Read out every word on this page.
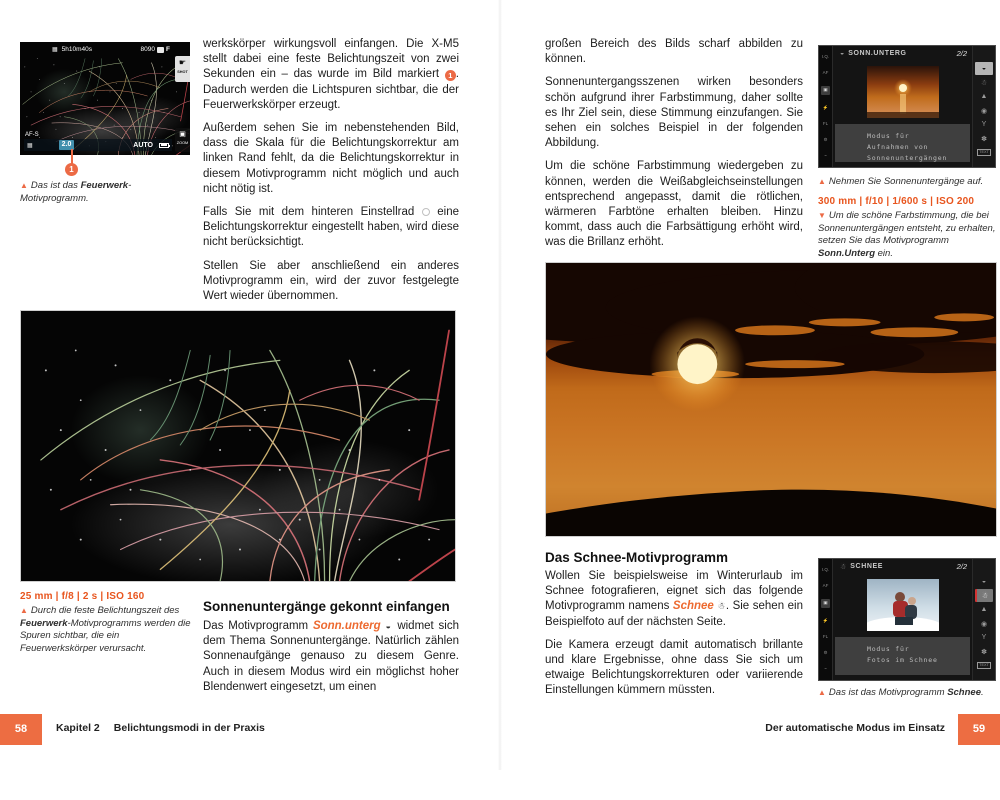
▦ 5h10m40s	8090 F
☛
SHOT
▣
ZOOM
AF-S
▦	2.0	AUTO
1
▲ Das ist das Feuerwerk-Motivprogramm.

werkskörper wirkungsvoll einfangen. Die X-M5 stellt dabei eine feste Belichtungszeit von zwei Sekunden ein – das wurde im Bild markiert 1 . Dadurch werden die Lichtspuren sichtbar, die der Feuerwerkskörper erzeugt.

Außerdem sehen Sie im nebenstehenden Bild, dass die Skala für die Belichtungskorrektur am linken Rand fehlt, da die Belichtungskorrektur in diesem Motivprogramm nicht möglich und auch nicht nötig ist.

Falls Sie mit dem hinteren Einstellrad  eine Belichtungskorrektur eingestellt haben, wird diese nicht berücksichtigt.

Stellen Sie aber anschließend ein anderes Motivprogramm ein, wird der zuvor festgelegte Wert wieder übernommen.

25 mm | f/8 | 2 s | ISO 160
▲ Durch die feste Belichtungszeit des Feuerwerk-Motivprogramms werden die Spuren sichtbar, die ein Feuerwerkskörper verursacht.
Sonnenuntergänge gekonnt einfangen

Das Motivprogramm Sonn.unterg ◒ widmet sich dem Thema Sonnenuntergänge. Natürlich zählen Sonnenaufgänge genauso zu diesem Genre. Auch in diesem Modus wird ein möglichst hoher Blendenwert eingesetzt, um einen

58	Kapitel 2 Belichtungsmodi in der Praxis

großen Bereich des Bilds scharf abbilden zu können.

Sonnenuntergangsszenen wirken besonders schön aufgrund ihrer Farbstimmung, daher sollte es Ihr Ziel sein, diese Stimmung einzufangen. Sie sehen ein solches Beispiel in der folgenden Abbildung.

Um die schöne Farbstimmung wiedergeben zu können, werden die Weißabgleichseinstellungen entsprechend angepasst, damit die rötlichen, wärmeren Farbtöne erhalten bleiben. Hinzu kommt, dass auch die Farbsättigung erhöht wird, was die Brillanz erhöht.

I.Q.
AF
▣
⚡
FL
⚙
~
◒ SONN.UNTERG	2/2
Modus für
Aufnahmen von
Sonnenuntergängen
◒
☃
▲
◉
Y
✽
TEXT
▲ Nehmen Sie Sonnenuntergänge auf.
300 mm | f/10 | 1/600 s | ISO 200
▼ Um die schöne Farbstimmung, die bei Sonnenuntergängen entsteht, zu erhalten, setzen Sie das Motivprogramm Sonn.Unterg ein.
Das Schnee-Motivprogramm

Wollen Sie beispielsweise im Winterurlaub im Schnee fotografieren, eignet sich das folgende Motivprogramm namens Schnee ☃. Sie sehen ein Beispielfoto auf der nächsten Seite.

Die Kamera erzeugt damit automatisch brillante und klare Ergebnisse, ohne dass Sie sich um etwaige Belichtungskorrekturen oder variierende Einstellungen kümmern müssten.

I.Q.
AF
▣
⚡
FL
⚙
~
☃ SCHNEE	2/2
Modus für
Fotos im Schnee
◒
☃
▲
◉
Y
✽
TEXT
▲ Das ist das Motivprogramm Schnee.
Der automatische Modus im Einsatz	59
